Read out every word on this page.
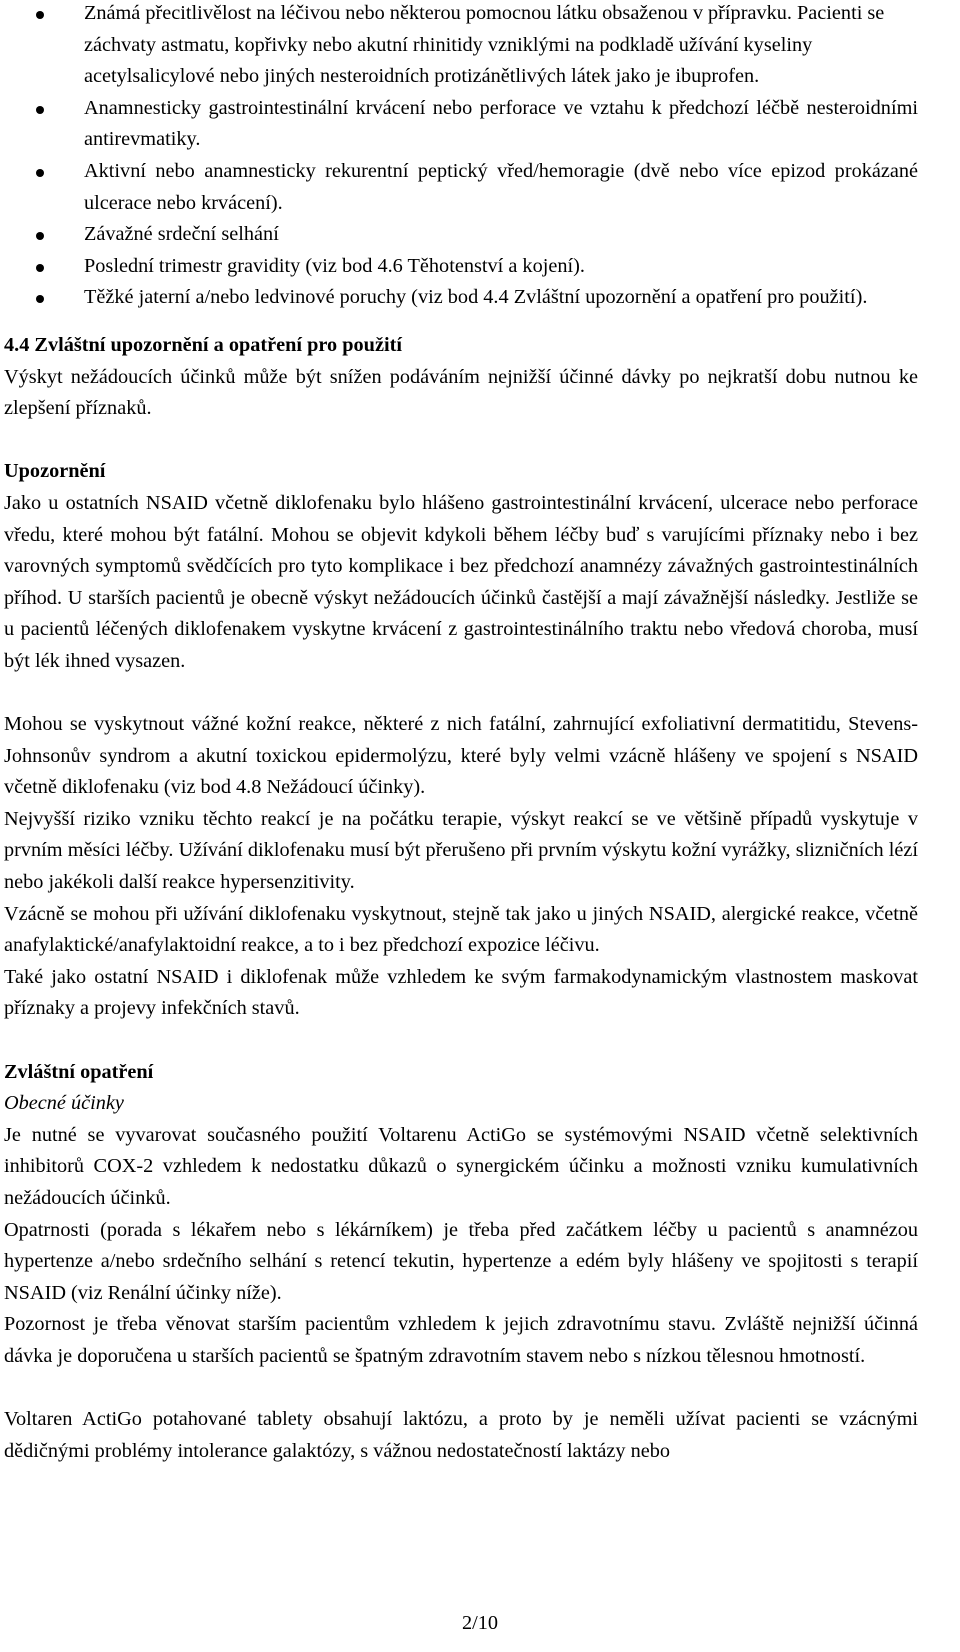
Známá přecitlivělost na léčivou nebo některou pomocnou látku obsaženou v přípravku. Pacienti se záchvaty astmatu, kopřivky nebo akutní rhinitidy vzniklými na podkladě užívání kyseliny acetylsalicylové nebo jiných nesteroidních protizánětlivých látek jako je ibuprofen.
Anamnesticky gastrointestinální krvácení nebo perforace ve vztahu k předchozí léčbě nesteroidními antirevmatiky.
Aktivní nebo anamnesticky rekurentní peptický vřed/hemoragie (dvě nebo více epizod prokázané ulcerace nebo krvácení).
Závažné srdeční selhání
Poslední trimestr gravidity (viz bod 4.6 Těhotenství a kojení).
Těžké jaterní a/nebo ledvinové poruchy (viz bod 4.4 Zvláštní upozornění a opatření pro použití).

4.4 Zvláštní upozornění a opatření pro použití

Výskyt nežádoucích účinků může být snížen podáváním nejnižší účinné dávky po nejkratší dobu nutnou ke zlepšení příznaků.

Upozornění

Jako u ostatních NSAID včetně diklofenaku bylo hlášeno gastrointestinální krvácení, ulcerace nebo perforace vředu, které mohou být fatální. Mohou se objevit kdykoli během léčby buď s varujícími příznaky nebo i bez varovných symptomů svědčících pro tyto komplikace i bez předchozí anamnézy závažných gastrointestinálních příhod. U starších pacientů je obecně výskyt nežádoucích účinků častější a mají závažnější následky. Jestliže se u pacientů léčených diklofenakem vyskytne krvácení z gastrointestinálního traktu nebo vředová choroba, musí být lék ihned vysazen.

Mohou se vyskytnout vážné kožní reakce, některé z nich fatální, zahrnující exfoliativní dermatitidu, Stevens-Johnsonův syndrom a akutní toxickou epidermolýzu, které byly velmi vzácně hlášeny ve spojení s NSAID včetně diklofenaku (viz bod 4.8 Nežádoucí účinky).

Nejvyšší riziko vzniku těchto reakcí je na počátku terapie, výskyt reakcí se ve většině případů vyskytuje v prvním měsíci léčby. Užívání diklofenaku musí být přerušeno při prvním výskytu kožní vyrážky, slizničních lézí nebo jakékoli další reakce hypersenzitivity.

Vzácně se mohou při užívání diklofenaku vyskytnout, stejně tak jako u jiných NSAID, alergické reakce, včetně anafylaktické/anafylaktoidní reakce, a to i bez předchozí expozice léčivu.

Také jako ostatní NSAID i diklofenak může vzhledem ke svým farmakodynamickým vlastnostem maskovat příznaky a projevy infekčních stavů.

Zvláštní opatření

Obecné účinky

Je nutné se vyvarovat současného použití Voltarenu ActiGo se systémovými NSAID včetně selektivních inhibitorů COX-2 vzhledem k nedostatku důkazů o synergickém účinku a možnosti vzniku kumulativních nežádoucích účinků.

Opatrnosti (porada s lékařem nebo s lékárníkem) je třeba před začátkem léčby u pacientů s anamnézou hypertenze a/nebo srdečního selhání s retencí tekutin, hypertenze a edém byly hlášeny ve spojitosti s terapií NSAID (viz Renální účinky níže).

Pozornost je třeba věnovat starším pacientům vzhledem k jejich zdravotnímu stavu. Zvláště nejnižší účinná dávka je doporučena u starších pacientů se špatným zdravotním stavem nebo s nízkou tělesnou hmotností.

Voltaren ActiGo potahované tablety obsahují laktózu, a proto by je neměli užívat pacienti se vzácnými dědičnými problémy intolerance galaktózy, s vážnou nedostatečností laktázy nebo

2/10
